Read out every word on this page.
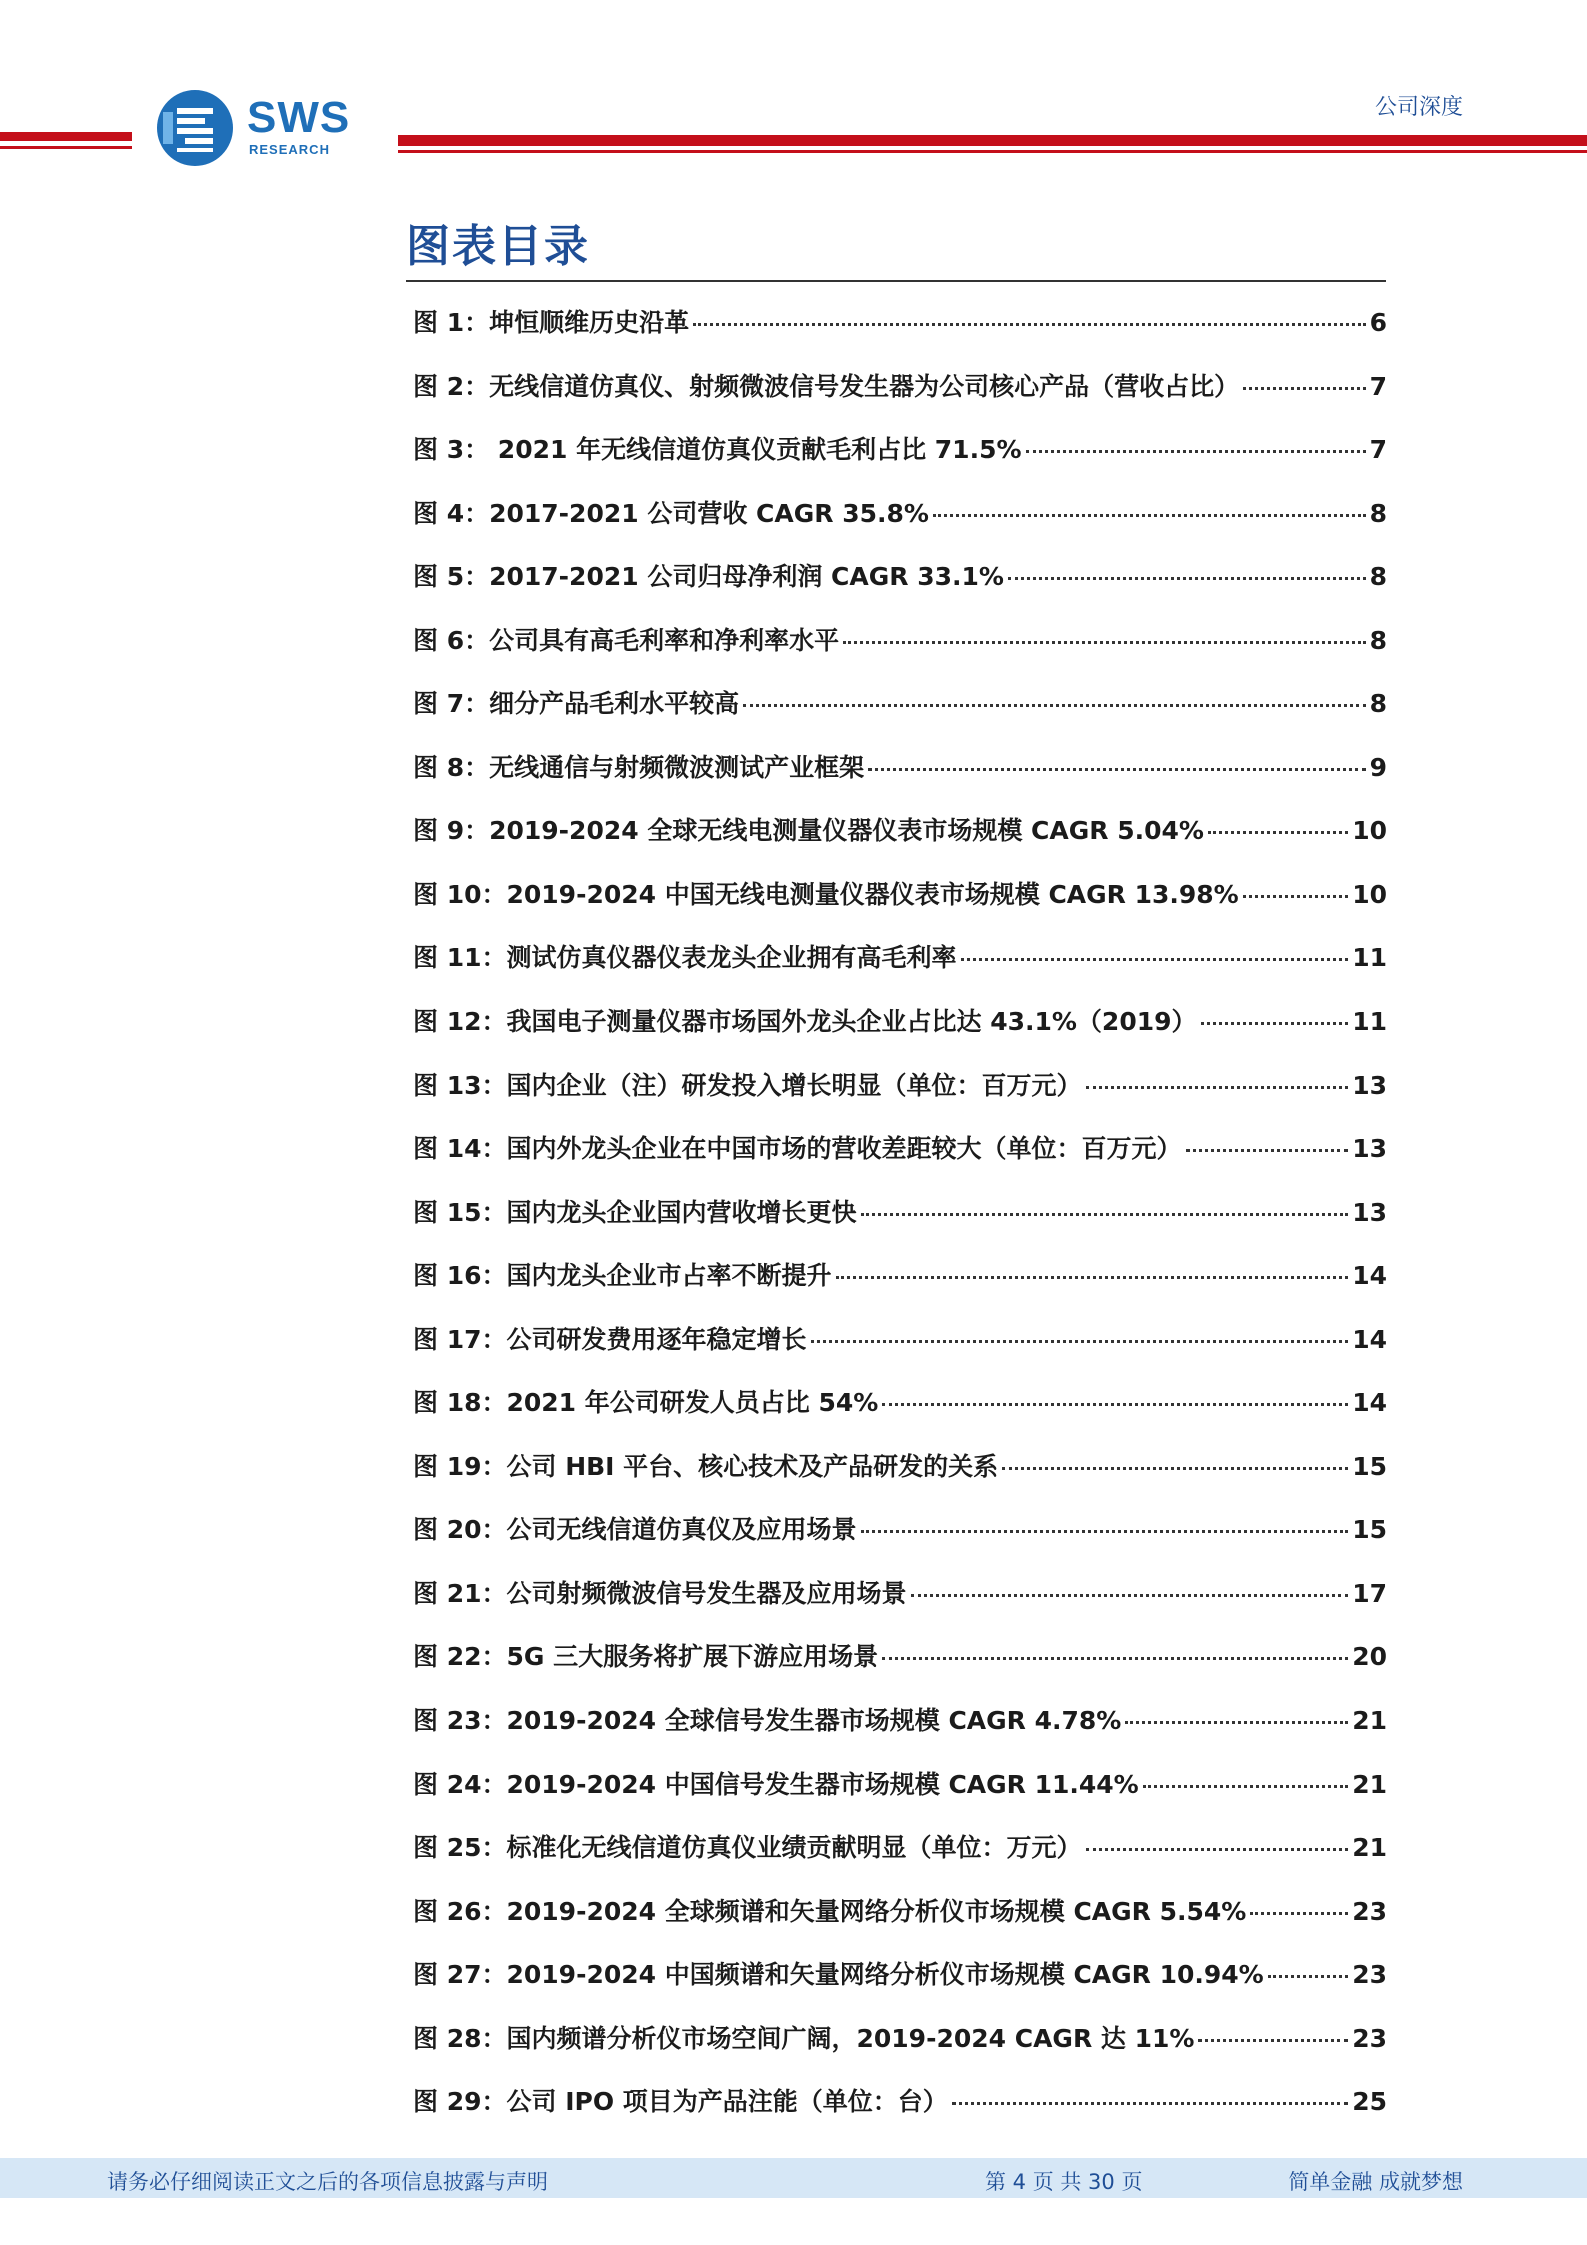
SWS
RESEARCH
公司深度
图表目录
图 1：坤恒顺维历史沿革	6
图 2：无线信道仿真仪、射频微波信号发生器为公司核心产品（营收占比）	7
图 3： 2021 年无线信道仿真仪贡献毛利占比 71.5%	7
图 4：2017-2021 公司营收 CAGR 35.8%	8
图 5：2017-2021 公司归母净利润 CAGR 33.1%	8
图 6：公司具有高毛利率和净利率水平	8
图 7：细分产品毛利水平较高	8
图 8：无线通信与射频微波测试产业框架	9
图 9：2019-2024 全球无线电测量仪器仪表市场规模 CAGR 5.04%	10
图 10：2019-2024 中国无线电测量仪器仪表市场规模 CAGR 13.98%	10
图 11：测试仿真仪器仪表龙头企业拥有高毛利率	11
图 12：我国电子测量仪器市场国外龙头企业占比达 43.1%（2019）	11
图 13：国内企业（注）研发投入增长明显（单位：百万元）	13
图 14：国内外龙头企业在中国市场的营收差距较大（单位：百万元）	13
图 15：国内龙头企业国内营收增长更快	13
图 16：国内龙头企业市占率不断提升	14
图 17：公司研发费用逐年稳定增长	14
图 18：2021 年公司研发人员占比 54%	14
图 19：公司 HBI 平台、核心技术及产品研发的关系	15
图 20：公司无线信道仿真仪及应用场景	15
图 21：公司射频微波信号发生器及应用场景	17
图 22：5G 三大服务将扩展下游应用场景	20
图 23：2019-2024 全球信号发生器市场规模 CAGR 4.78%	21
图 24：2019-2024 中国信号发生器市场规模 CAGR 11.44%	21
图 25：标准化无线信道仿真仪业绩贡献明显（单位：万元）	21
图 26：2019-2024 全球频谱和矢量网络分析仪市场规模 CAGR 5.54%	23
图 27：2019-2024 中国频谱和矢量网络分析仪市场规模 CAGR 10.94%	23
图 28：国内频谱分析仪市场空间广阔，2019-2024 CAGR 达 11%	23
图 29：公司 IPO 项目为产品注能（单位：台）	25
请务必仔细阅读正文之后的各项信息披露与声明	第 4 页 共 30 页	简单金融 成就梦想
